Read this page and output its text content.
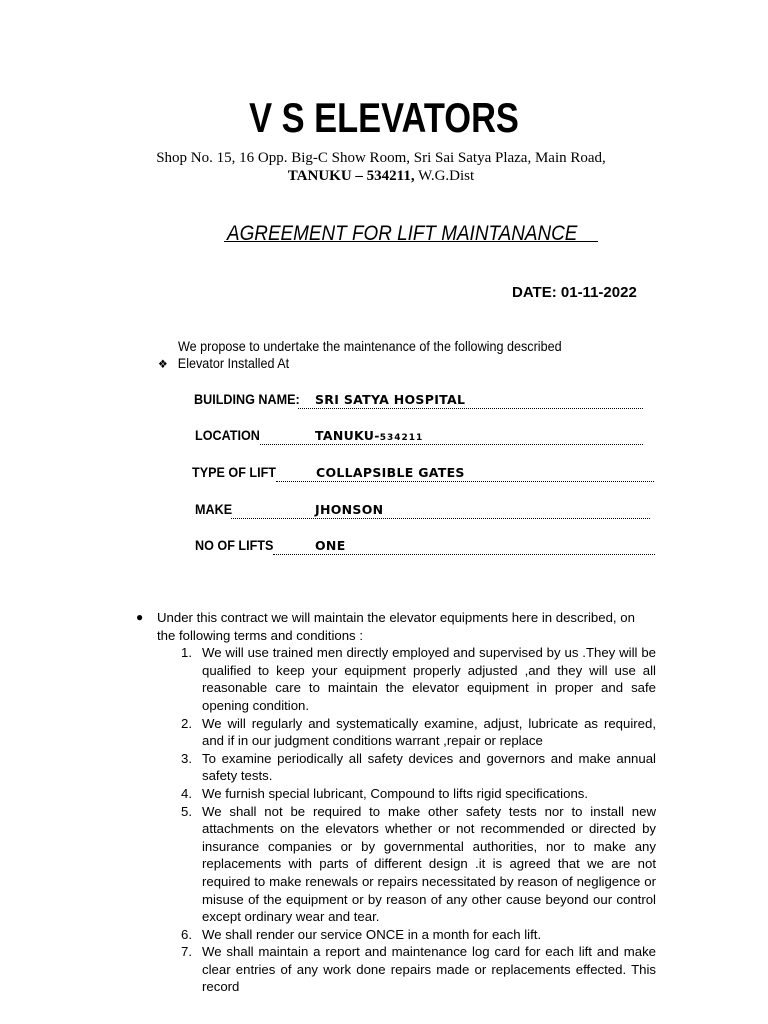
V S ELEVATORS
Shop No. 15, 16 Opp. Big-C Show Room, Sri Sai Satya Plaza, Main Road,
TANUKU – 534211, W.G.Dist
AGREEMENT FOR LIFT MAINTANANCE
DATE: 01-11-2022
We propose to undertake the maintenance of the following described
❖ Elevator Installed At
BUILDING NAME: SRI SATYA HOSPITAL
LOCATION	TANUKU-534211
TYPE OF LIFT	COLLAPSIBLE GATES
MAKE	JHONSON
NO OF LIFTS	ONE
● Under this contract we will maintain the elevator equipments here in described, on the following terms and conditions :
1. We will use trained men directly employed and supervised by us .They will be qualified to keep your equipment properly adjusted ,and they will use all reasonable care to maintain the elevator equipment in proper and safe opening condition.
2. We will regularly and systematically examine, adjust, lubricate as required, and if in our judgment conditions warrant ,repair or replace
3. To examine periodically all safety devices and governors and make annual safety tests.
4. We furnish special lubricant, Compound to lifts rigid specifications.
5. We shall not be required to make other safety tests nor to install new attachments on the elevators whether or not recommended or directed by insurance companies or by governmental authorities, nor to make any replacements with parts of different design .it is agreed that we are not required to make renewals or repairs necessitated by reason of negligence or misuse of the equipment or by reason of any other cause beyond our control except ordinary wear and tear.
6. We shall render our service ONCE in a month for each lift.
7. We shall maintain a report and maintenance log card for each lift and make clear entries of any work done repairs made or replacements effected. This record
